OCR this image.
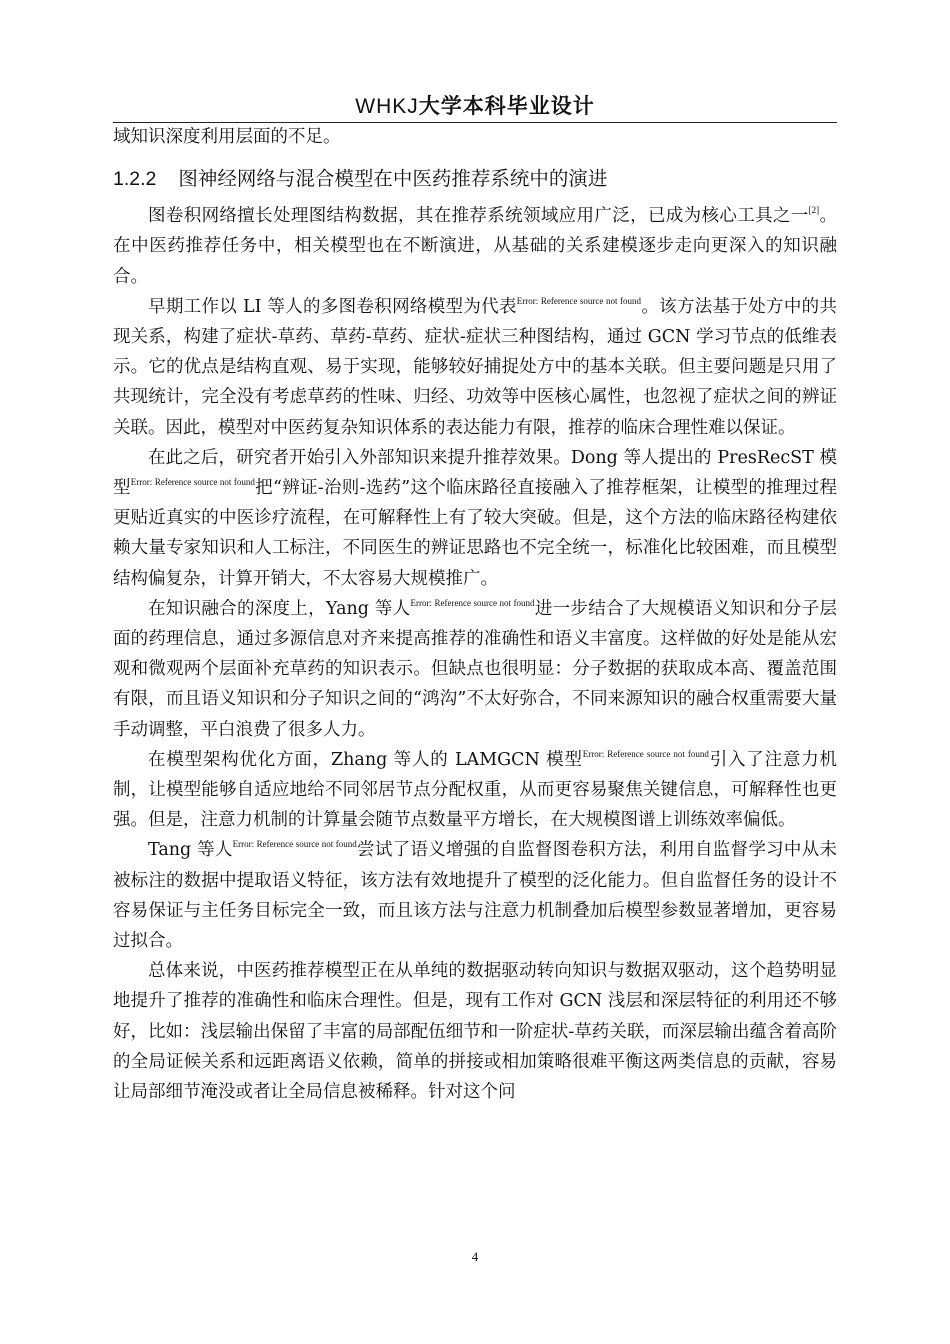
WHKJ大学本科毕业设计

域知识深度利用层面的不足。

1.2.2 图神经网络与混合模型在中医药推荐系统中的演进

图卷积网络擅长处理图结构数据，其在推荐系统领域应用广泛，已成为核心工具之一[2]。在中医药推荐任务中，相关模型也在不断演进，从基础的关系建模逐步走向更深入的知识融合。

早期工作以 LI 等人的多图卷积网络模型为代表$^{Error: Reference source not found}$。该方法基于处方中的共现关系，构建了症状-草药、草药-草药、症状-症状三种图结构，通过 GCN 学习节点的低维表示。它的优点是结构直观、易于实现，能够较好捕捉处方中的基本关联。但主要问题是只用了共现统计，完全没有考虑草药的性味、归经、功效等中医核心属性，也忽视了症状之间的辨证关联。因此，模型对中医药复杂知识体系的表达能力有限，推荐的临床合理性难以保证。

在此之后，研究者开始引入外部知识来提升推荐效果。Dong 等人提出的 PresRecST 模型$^{Error: Reference source not found}$把“辨证-治则-选药”这个临床路径直接融入了推荐框架，让模型的推理过程更贴近真实的中医诊疗流程，在可解释性上有了较大突破。但是，这个方法的临床路径构建依赖大量专家知识和人工标注，不同医生的辨证思路也不完全统一，标准化比较困难，而且模型结构偏复杂，计算开销大，不太容易大规模推广。

在知识融合的深度上，Yang 等人$^{Error: Reference source not found}$进一步结合了大规模语义知识和分子层面的药理信息，通过多源信息对齐来提高推荐的准确性和语义丰富度。这样做的好处是能从宏观和微观两个层面补充草药的知识表示。但缺点也很明显：分子数据的获取成本高、覆盖范围有限，而且语义知识和分子知识之间的“鸿沟”不太好弥合，不同来源知识的融合权重需要大量手动调整，平白浪费了很多人力。

在模型架构优化方面，Zhang 等人的 LAMGCN 模型$^{Error: Reference source not found}$引入了注意力机制，让模型能够自适应地给不同邻居节点分配权重，从而更容易聚焦关键信息，可解释性也更强。但是，注意力机制的计算量会随节点数量平方增长，在大规模图谱上训练效率偏低。

Tang 等人$^{Error: Reference source not found}$尝试了语义增强的自监督图卷积方法，利用自监督学习中从未被标注的数据中提取语义特征，该方法有效地提升了模型的泛化能力。但自监督任务的设计不容易保证与主任务目标完全一致，而且该方法与注意力机制叠加后模型参数显著增加，更容易过拟合。

总体来说，中医药推荐模型正在从单纯的数据驱动转向知识与数据双驱动，这个趋势明显地提升了推荐的准确性和临床合理性。但是，现有工作对 GCN 浅层和深层特征的利用还不够好，比如：浅层输出保留了丰富的局部配伍细节和一阶症状-草药关联，而深层输出蕴含着高阶的全局证候关系和远距离语义依赖，简单的拼接或相加策略很难平衡这两类信息的贡献，容易让局部细节淹没或者让全局信息被稀释。针对这个问

4
